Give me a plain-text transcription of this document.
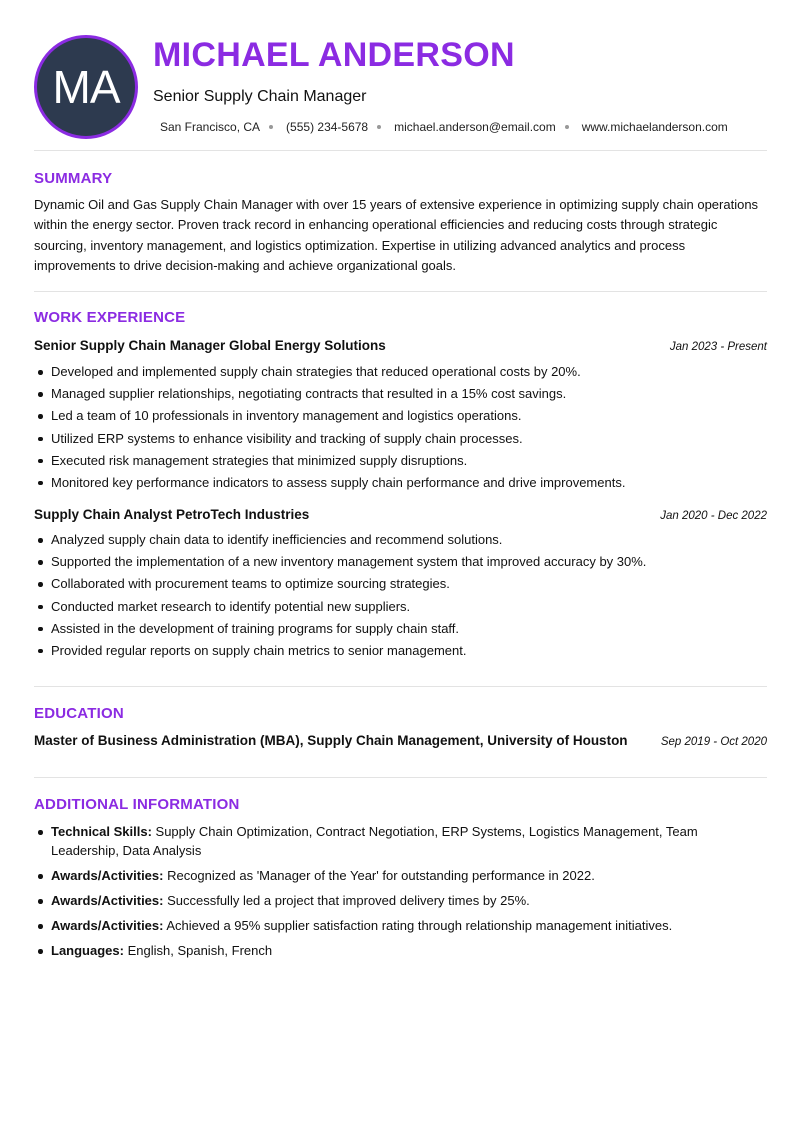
MA
MICHAEL ANDERSON
Senior Supply Chain Manager
San Francisco, CA (555) 234-5678 michael.anderson@email.com www.michaelanderson.com
SUMMARY
Dynamic Oil and Gas Supply Chain Manager with over 15 years of extensive experience in optimizing supply chain operations within the energy sector. Proven track record in enhancing operational efficiencies and reducing costs through strategic sourcing, inventory management, and logistics optimization. Expertise in utilizing advanced analytics and process improvements to drive decision-making and achieve organizational goals.
WORK EXPERIENCE
Senior Supply Chain Manager Global Energy Solutions	Jan 2023 - Present
Developed and implemented supply chain strategies that reduced operational costs by 20%.
Managed supplier relationships, negotiating contracts that resulted in a 15% cost savings.
Led a team of 10 professionals in inventory management and logistics operations.
Utilized ERP systems to enhance visibility and tracking of supply chain processes.
Executed risk management strategies that minimized supply disruptions.
Monitored key performance indicators to assess supply chain performance and drive improvements.
Supply Chain Analyst PetroTech Industries	Jan 2020 - Dec 2022
Analyzed supply chain data to identify inefficiencies and recommend solutions.
Supported the implementation of a new inventory management system that improved accuracy by 30%.
Collaborated with procurement teams to optimize sourcing strategies.
Conducted market research to identify potential new suppliers.
Assisted in the development of training programs for supply chain staff.
Provided regular reports on supply chain metrics to senior management.
EDUCATION
Master of Business Administration (MBA), Supply Chain Management, University of Houston	Sep 2019 - Oct 2020
ADDITIONAL INFORMATION
Technical Skills: Supply Chain Optimization, Contract Negotiation, ERP Systems, Logistics Management, Team Leadership, Data Analysis
Awards/Activities: Recognized as 'Manager of the Year' for outstanding performance in 2022.
Awards/Activities: Successfully led a project that improved delivery times by 25%.
Awards/Activities: Achieved a 95% supplier satisfaction rating through relationship management initiatives.
Languages: English, Spanish, French
